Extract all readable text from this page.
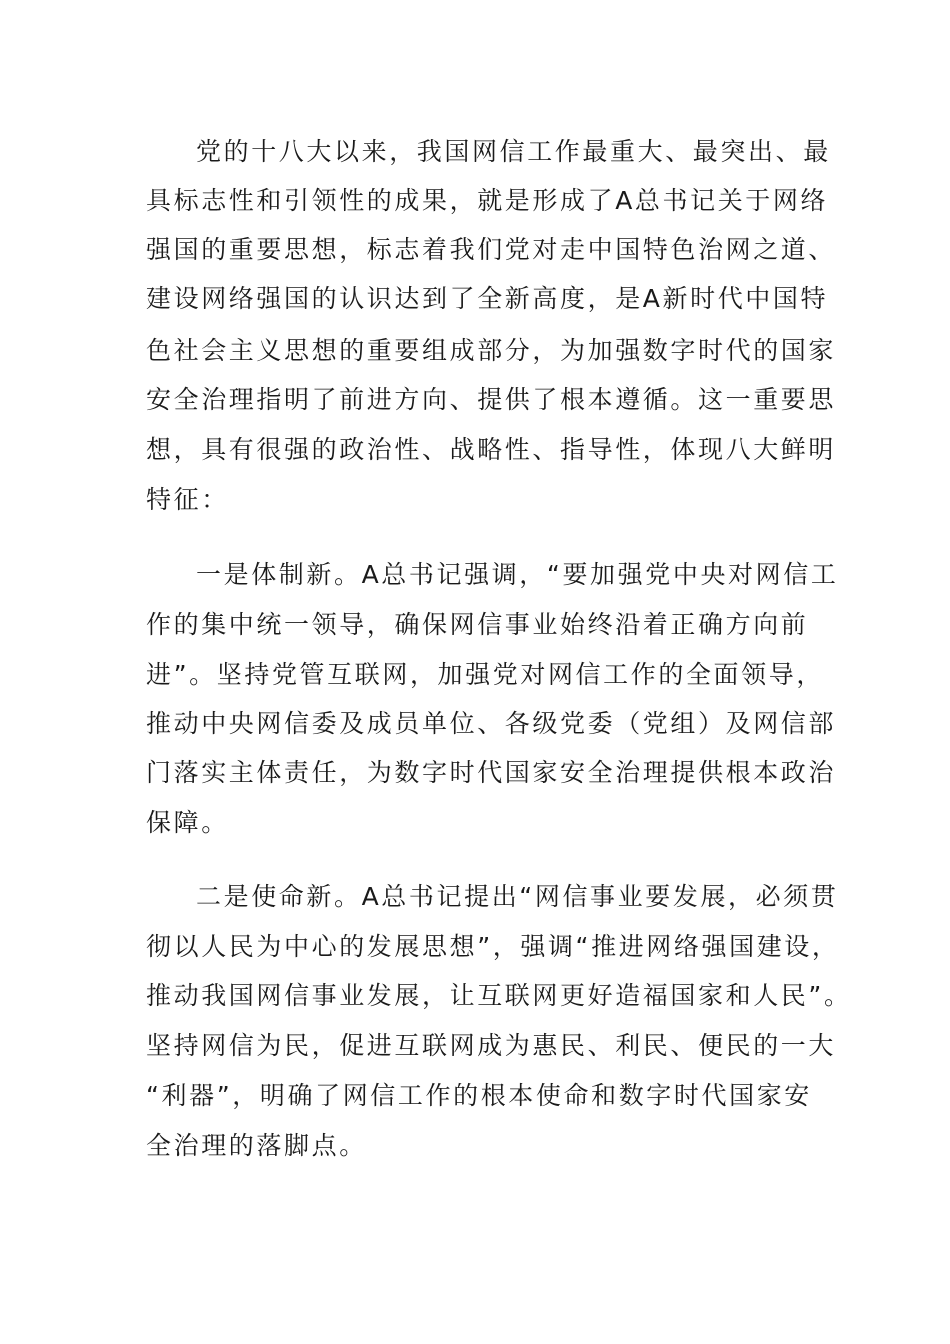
党的十八大以来，我国网信工作最重大、最突出、最
具标志性和引领性的成果，就是形成了A总书记关于网络
强国的重要思想，标志着我们党对走中国特色治网之道、
建设网络强国的认识达到了全新高度，是A新时代中国特
色社会主义思想的重要组成部分，为加强数字时代的国家
安全治理指明了前进方向、提供了根本遵循。这一重要思
想，具有很强的政治性、战略性、指导性，体现八大鲜明
特征：
一是体制新。A总书记强调，“要加强党中央对网信工
作的集中统一领导，确保网信事业始终沿着正确方向前
进”。坚持党管互联网，加强党对网信工作的全面领导，
推动中央网信委及成员单位、各级党委（党组）及网信部
门落实主体责任，为数字时代国家安全治理提供根本政治
保障。
二是使命新。A总书记提出“网信事业要发展，必须贯
彻以人民为中心的发展思想”，强调“推进网络强国建设，
推动我国网信事业发展，让互联网更好造福国家和人民”。
坚持网信为民，促进互联网成为惠民、利民、便民的一大
“利器”，明确了网信工作的根本使命和数字时代国家安
全治理的落脚点。
